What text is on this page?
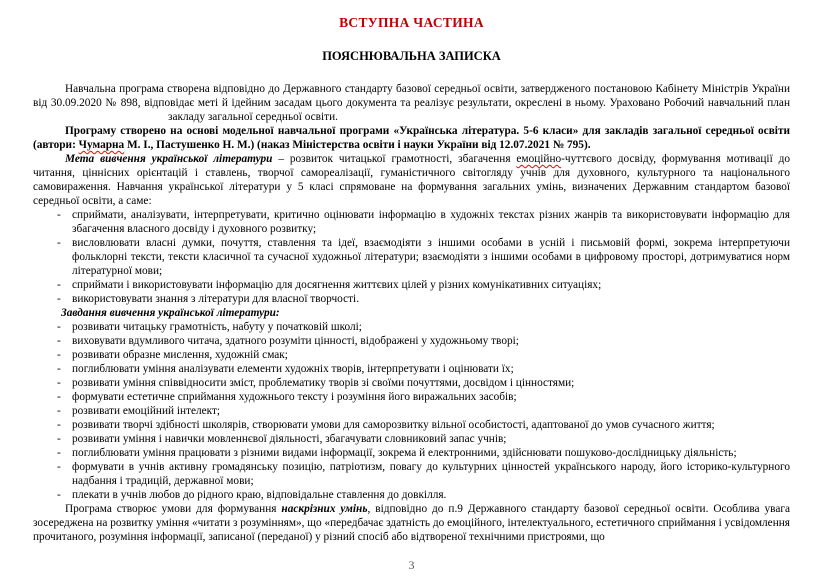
ВСТУПНА ЧАСТИНА
ПОЯСНЮВАЛЬНА ЗАПИСКА

Навчальна програма створена відповідно до Державного стандарту базової середньої освіти, затвердженого постановою Кабінету Міністрів України від 30.09.2020 № 898, відповідає меті й ідейним засадам цього документа та реалізує результати, окреслені в ньому. Ураховано Робочий навчальний планзакладу загальної середньої освіти.

Програму створено на основі модельної навчальної програми «Українська література. 5-6 класи» для закладів загальної середньої освіти (автори: Чумарна М. І., Пастушенко Н. М.) (наказ Міністерства освіти і науки України від 12.07.2021 № 795).

Мета вивчення української літератури – розвиток читацької грамотності, збагачення емоційно-чуттєвого досвіду, формування мотивації до читання, ціннісних орієнтацій і ставлень, творчої самореалізації, гуманістичного світогляду учнів для духовного, культурного та національного самовираження. Навчання української літератури у 5 класі спрямоване на формування загальних умінь, визначених Державним стандартом базової середньої освіти, а саме:

- сприймати, аналізувати, інтерпретувати, критично оцінювати інформацію в художніх текстах різних жанрів та використовувати інформацію для збагачення власного досвіду і духовного розвитку;
- висловлювати власні думки, почуття, ставлення та ідеї, взаємодіяти з іншими особами в усній і письмовій формі, зокрема інтерпретуючи фольклорні тексти, тексти класичної та сучасної художньої літератури; взаємодіяти з іншими особами в цифровому просторі, дотримуватися норм літературної мови;
- сприймати і використовувати інформацію для досягнення життєвих цілей у різних комунікативних ситуаціях;
- використовувати знання з літератури для власної творчості.

Завдання вивчення української літератури:

- розвивати читацьку грамотність, набуту у початковій школі;
- виховувати вдумливого читача, здатного розуміти цінності, відображені у художньому творі;
- розвивати образне мислення, художній смак;
- поглиблювати уміння аналізувати елементи художніх творів, інтерпретувати і оцінювати їх;
- розвивати уміння співвідносити зміст, проблематику творів зі своїми почуттями, досвідом і цінностями;
- формувати естетичне сприймання художнього тексту і розуміння його виражальних засобів;
- розвивати емоційний інтелект;
- розвивати творчі здібності школярів, створювати умови для саморозвитку вільної особистості, адаптованої до умов сучасного життя;
- розвивати уміння і навички мовленнєвої діяльності, збагачувати словниковий запас учнів;
- поглиблювати уміння працювати з різними видами інформації, зокрема й електронними, здійснювати пошуково-дослідницьку діяльність;
- формувати в учнів активну громадянську позицію, патріотизм, повагу до культурних цінностей українського народу, його історико-культурного надбання і традицій, державної мови;
- плекати в учнів любов до рідного краю, відповідальне ставлення до довкілля.

Програма створює умови для формування наскрізних умінь, відповідно до п.9 Державного стандарту базової середньої освіти. Особлива увага зосереджена на розвитку уміння «читати з розумінням», що «передбачає здатність до емоційного, інтелектуального, естетичного сприймання і усвідомлення прочитаного, розуміння інформації, записаної (переданої) у різний спосіб або відтвореної технічними пристроями, що

3
